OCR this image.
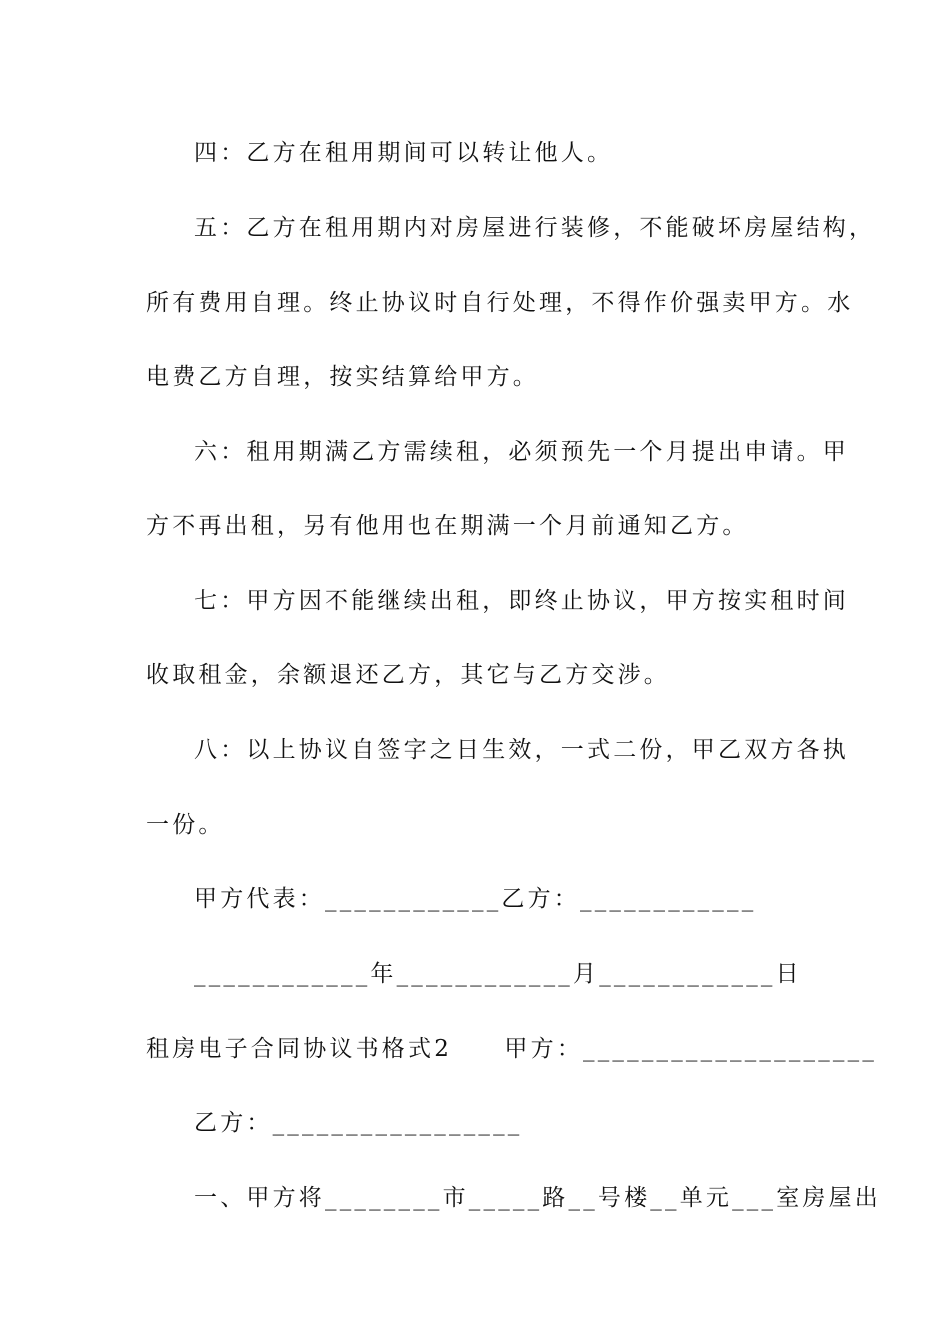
四：乙方在租用期间可以转让他人。
五：乙方在租用期内对房屋进行装修，不能破坏房屋结构，
所有费用自理。终止协议时自行处理，不得作价强卖甲方。水
电费乙方自理，按实结算给甲方。
六：租用期满乙方需续租，必须预先一个月提出申请。甲
方不再出租，另有他用也在期满一个月前通知乙方。
七：甲方因不能继续出租，即终止协议，甲方按实租时间
收取租金，余额退还乙方，其它与乙方交涉。
八：以上协议自签字之日生效，一式二份，甲乙双方各执
一份。
甲方代表：____________乙方：____________
____________年____________月____________日
租房电子合同协议书格式2　　甲方：____________________
乙方：_________________
一、甲方将________市_____路__号楼__单元___室房屋出
